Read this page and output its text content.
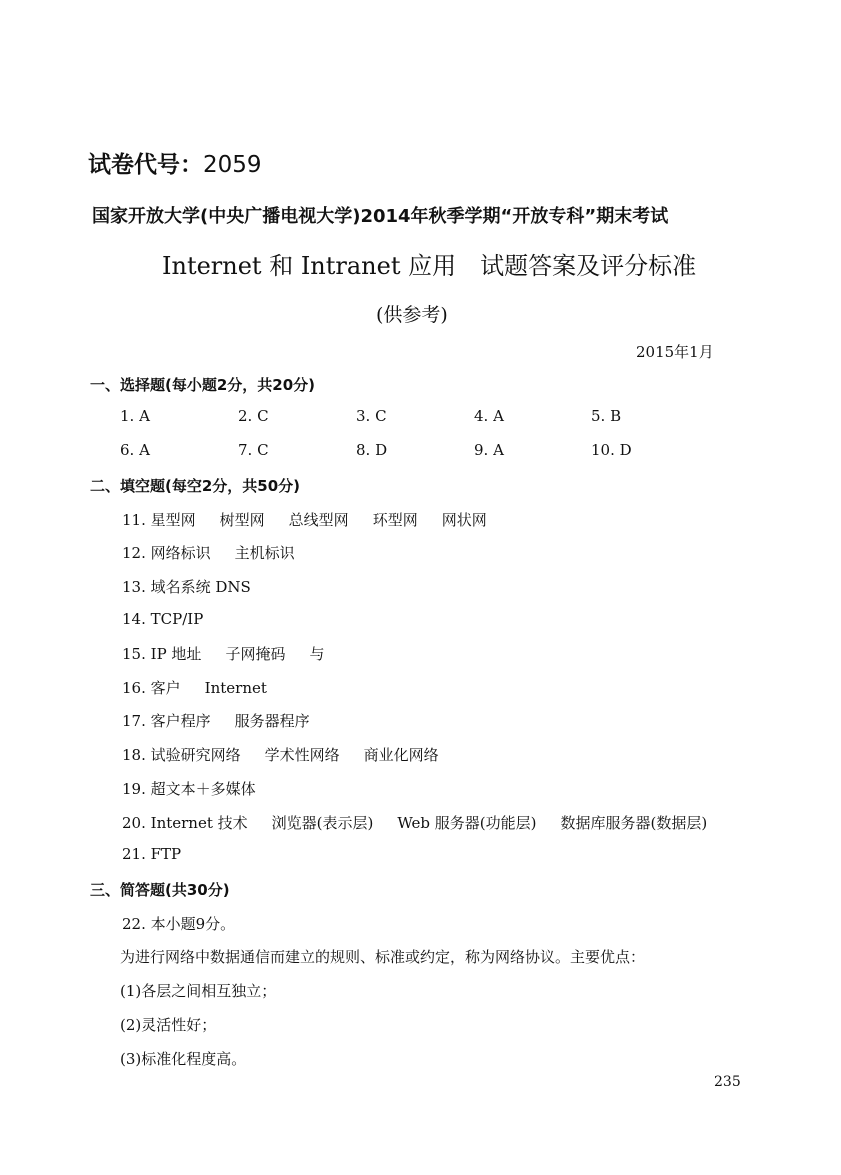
试卷代号：2059
国家开放大学(中央广播电视大学)2014年秋季学期“开放专科”期末考试
Internet 和 Intranet 应用　试题答案及评分标准
(供参考)
2015年1月
一、选择题(每小题2分，共20分)
1. A	2. C	3. C	4. A	5. B
6. A	7. C	8. D	9. A	10. D
二、填空题(每空2分，共50分)
11. 星型网 树型网 总线型网 环型网 网状网
12. 网络标识 主机标识
13. 域名系统 DNS
14. TCP/IP
15. IP 地址 子网掩码 与
16. 客户 Internet
17. 客户程序 服务器程序
18. 试验研究网络 学术性网络 商业化网络
19. 超文本＋多媒体
20. Internet 技术 浏览器(表示层) Web 服务器(功能层) 数据库服务器(数据层)
21. FTP
三、简答题(共30分)
22. 本小题9分。
为进行网络中数据通信而建立的规则、标准或约定，称为网络协议。主要优点：
(1)各层之间相互独立；
(2)灵活性好；
(3)标准化程度高。
235
